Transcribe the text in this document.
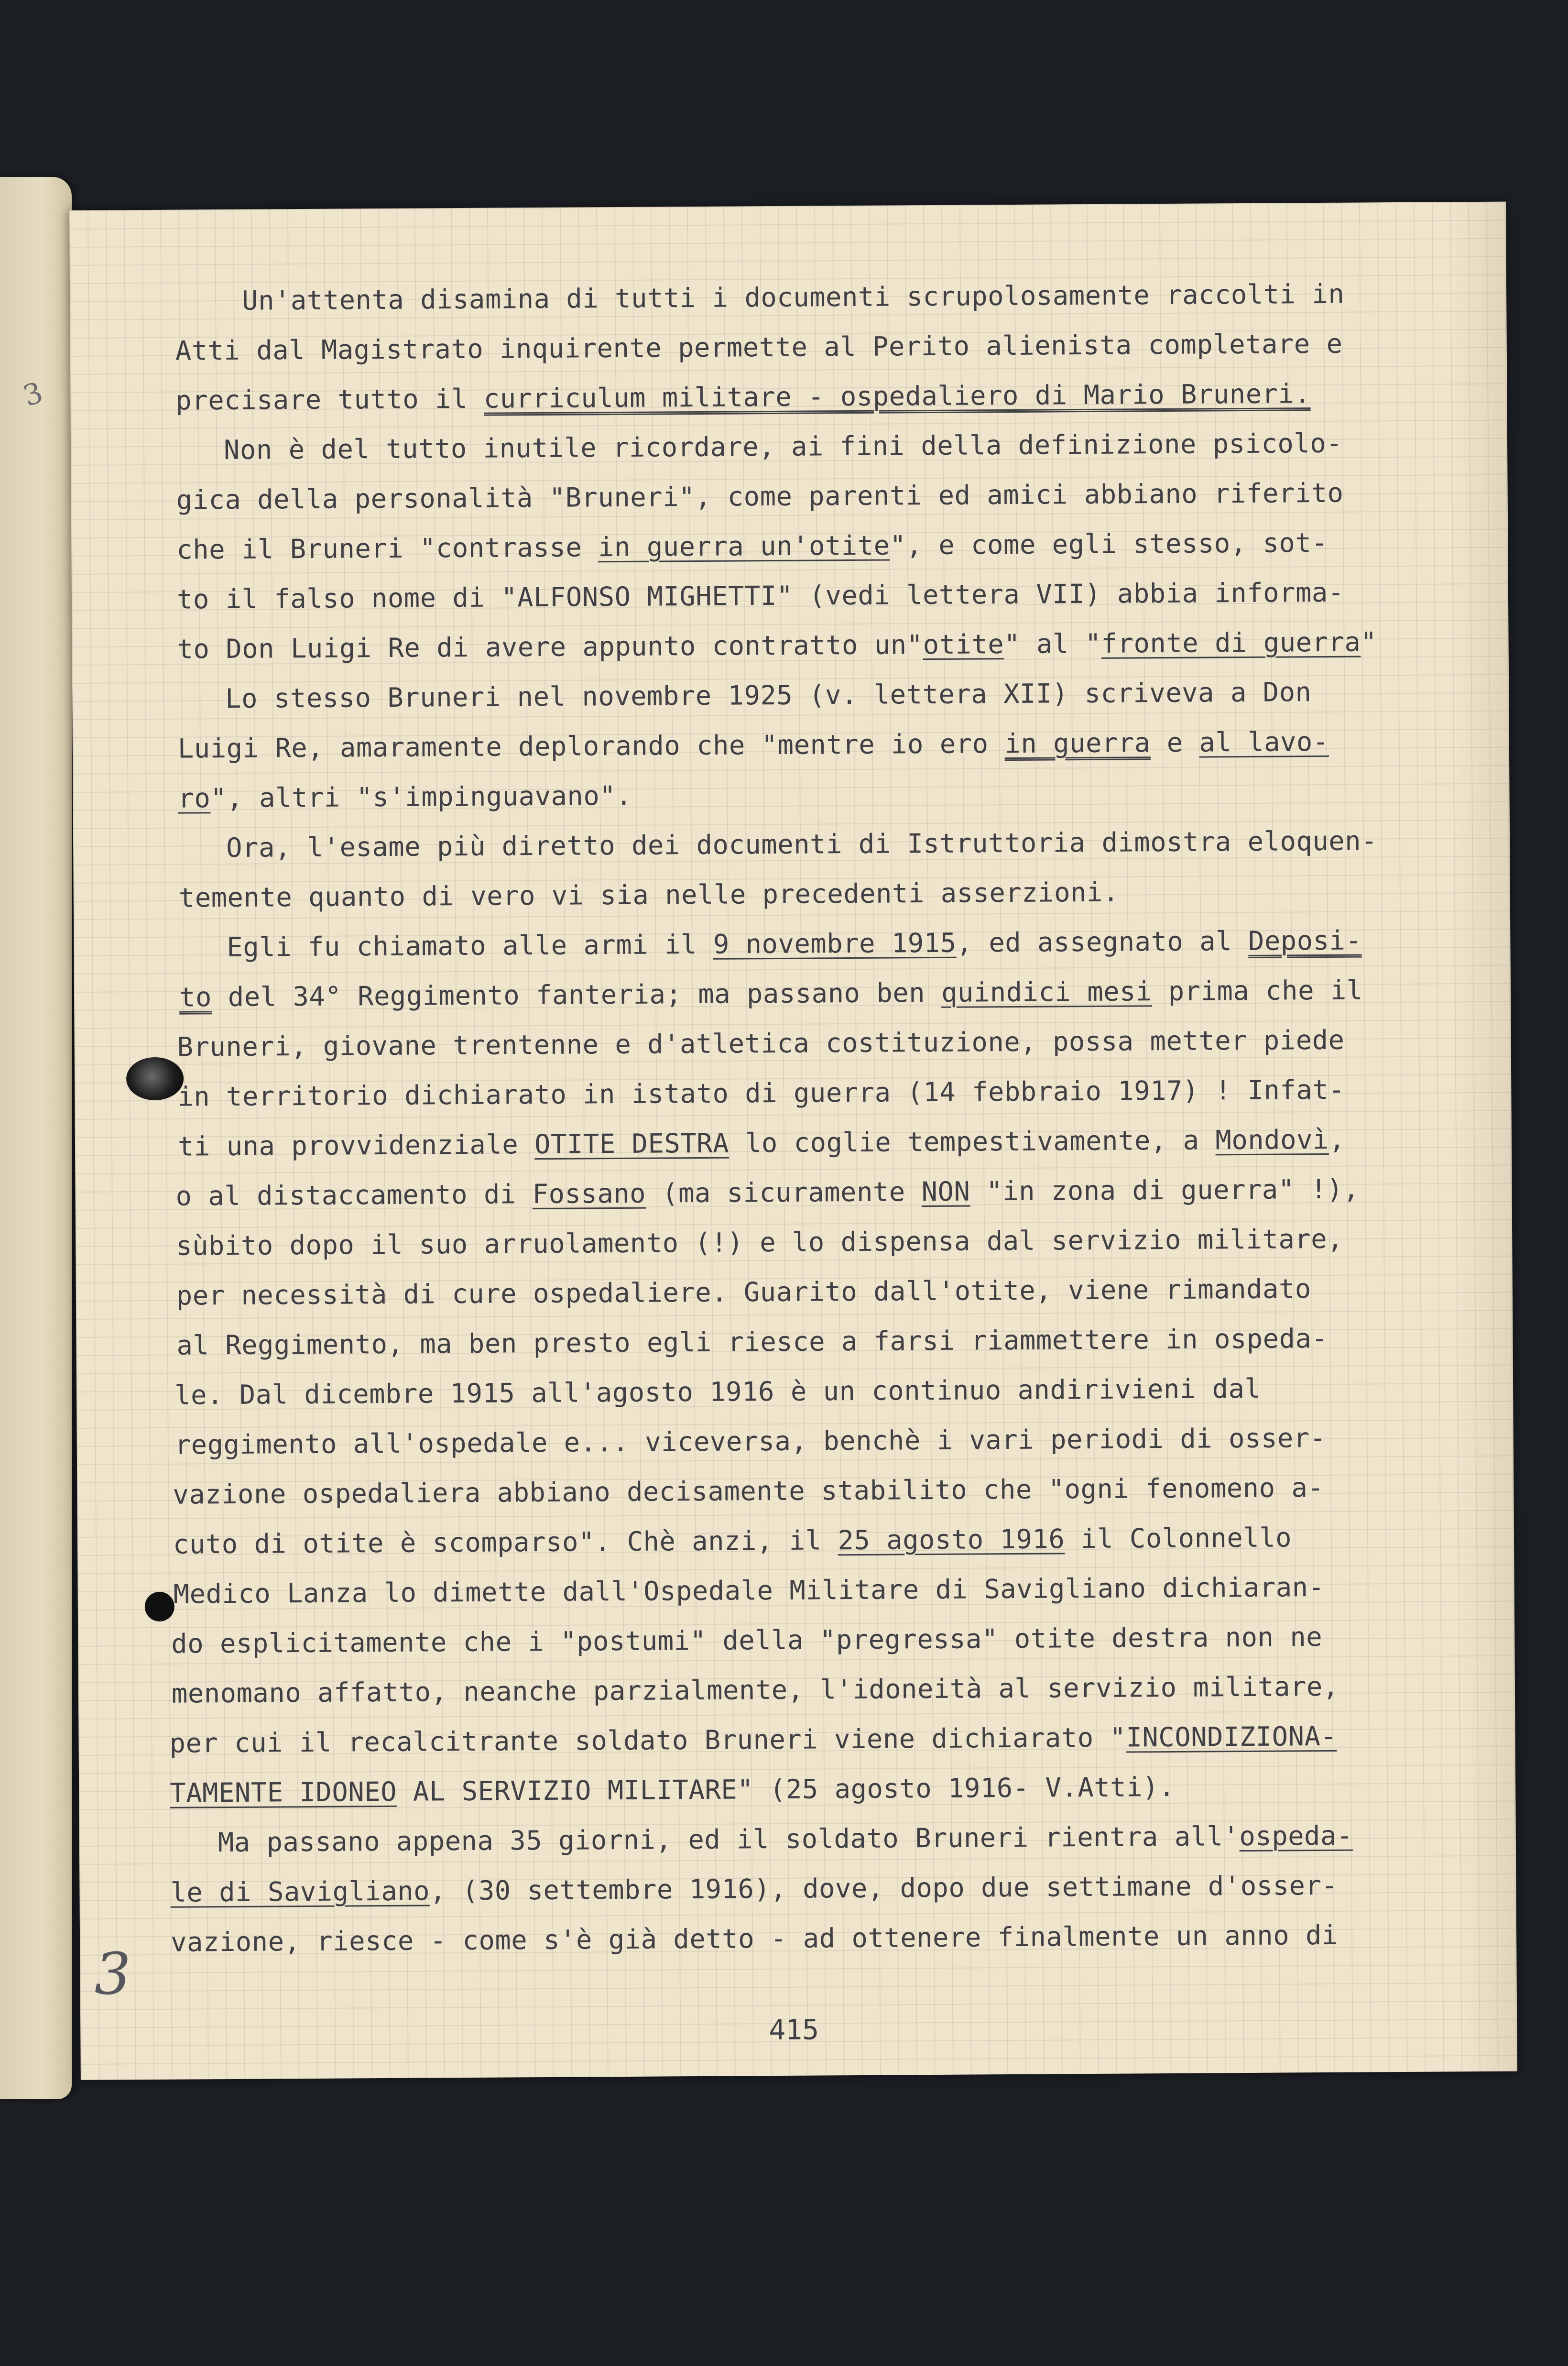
3
Un'attenta disamina di tutti i documenti scrupolosamente raccolti in
Atti dal Magistrato inquirente permette al Perito alienista completare e
precisare tutto il curriculum militare - ospedaliero di Mario Bruneri.
Non è del tutto inutile ricordare, ai fini della definizione psicolo-
gica della personalità "Bruneri", come parenti ed amici abbiano riferito
che il Bruneri "contrasse in guerra un'otite", e come egli stesso, sot-
to il falso nome di "ALFONSO MIGHETTI" (vedi lettera VII) abbia informa-
to Don Luigi Re di avere appunto contratto un"otite" al "fronte di guerra"
Lo stesso Bruneri nel novembre 1925 (v. lettera XII) scriveva a Don
Luigi Re, amaramente deplorando che "mentre io ero in guerra e al lavo-
ro", altri "s'impinguavano".
Ora, l'esame più diretto dei documenti di Istruttoria dimostra eloquen-
temente quanto di vero vi sia nelle precedenti asserzioni.
Egli fu chiamato alle armi il 9 novembre 1915, ed assegnato al Deposi-
to del 34° Reggimento fanteria; ma passano ben quindici mesi prima che il
Bruneri, giovane trentenne e d'atletica costituzione, possa metter piede
in territorio dichiarato in istato di guerra (14 febbraio 1917) ! Infat-
ti una provvidenziale OTITE DESTRA lo coglie tempestivamente, a Mondovì,
o al distaccamento di Fossano (ma sicuramente NON "in zona di guerra" !),
sùbito dopo il suo arruolamento (!) e lo dispensa dal servizio militare,
per necessità di cure ospedaliere. Guarito dall'otite, viene rimandato
al Reggimento, ma ben presto egli riesce a farsi riammettere in ospeda-
le. Dal dicembre 1915 all'agosto 1916 è un continuo andirivieni dal
reggimento all'ospedale e... viceversa, benchè i vari periodi di osser-
vazione ospedaliera abbiano decisamente stabilito che "ogni fenomeno a-
cuto di otite è scomparso". Chè anzi, il 25 agosto 1916 il Colonnello
Medico Lanza lo dimette dall'Ospedale Militare di Savigliano dichiaran-
do esplicitamente che i "postumi" della "pregressa" otite destra non ne
menomano affatto, neanche parzialmente, l'idoneità al servizio militare,
per cui il recalcitrante soldato Bruneri viene dichiarato "INCONDIZIONA-
TAMENTE IDONEO AL SERVIZIO MILITARE" (25 agosto 1916- V.Atti).
Ma passano appena 35 giorni, ed il soldato Bruneri rientra all'ospeda-
le di Savigliano, (30 settembre 1916), dove, dopo due settimane d'osser-
vazione, riesce - come s'è già detto - ad ottenere finalmente un anno di
3
415
